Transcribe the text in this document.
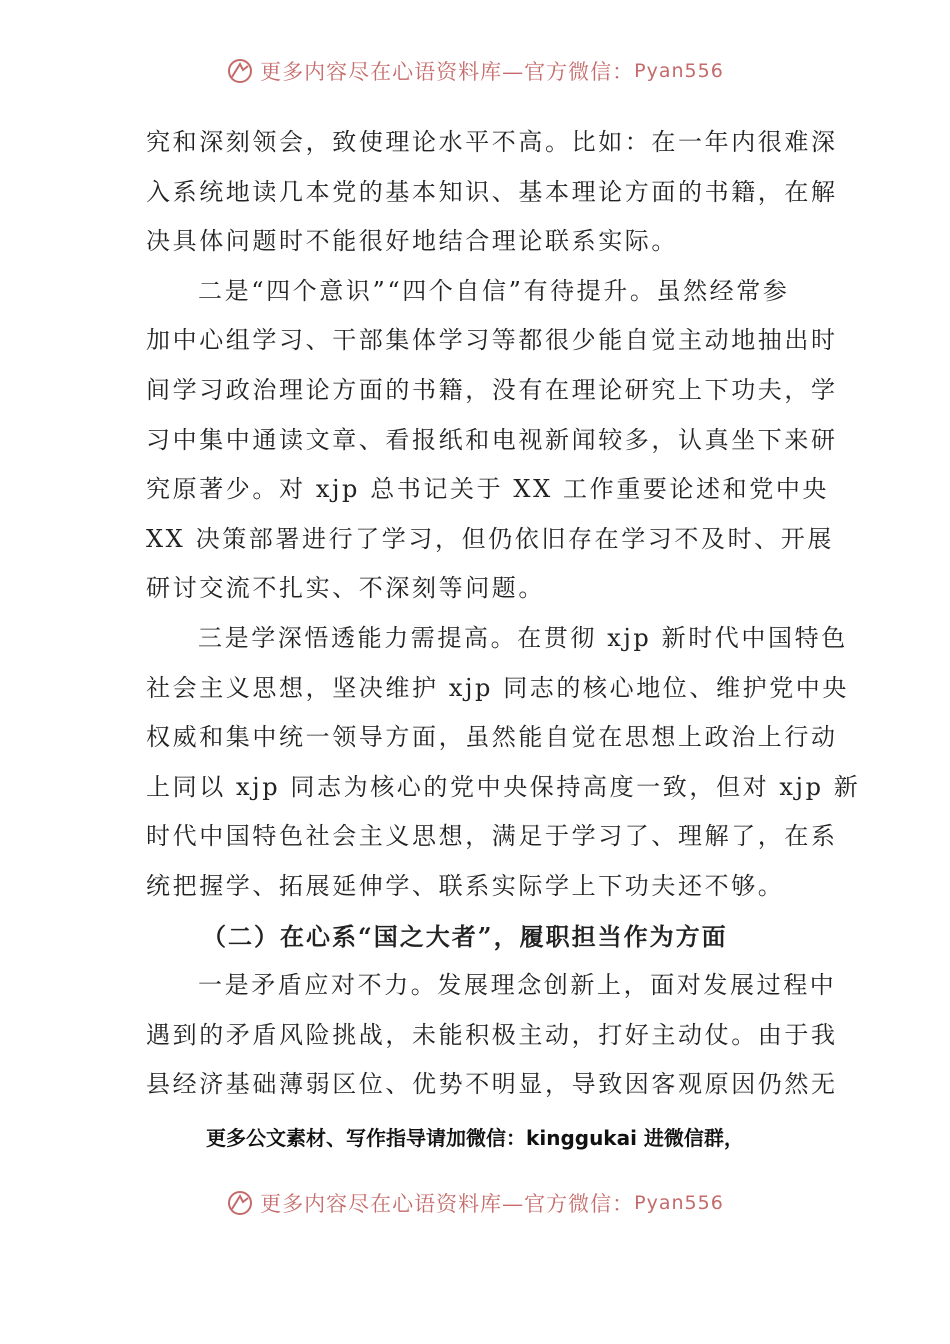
更多内容尽在心语资料库—官方微信： Pyan556
究和深刻领会，致使理论水平不高。比如：在一年内很难深
入系统地读几本党的基本知识、基本理论方面的书籍，在解
决具体问题时不能很好地结合理论联系实际。
二是“四个意识”“四个自信”有待提升。虽然经常参
加中心组学习、干部集体学习等都很少能自觉主动地抽出时
间学习政治理论方面的书籍，没有在理论研究上下功夫，学
习中集中通读文章、看报纸和电视新闻较多，认真坐下来研
究原著少。对 xjp 总书记关于 XX 工作重要论述和党中央
XX 决策部署进行了学习，但仍依旧存在学习不及时、开展
研讨交流不扎实、不深刻等问题。
三是学深悟透能力需提高。在贯彻 xjp 新时代中国特色
社会主义思想，坚决维护 xjp 同志的核心地位、维护党中央
权威和集中统一领导方面，虽然能自觉在思想上政治上行动
上同以 xjp 同志为核心的党中央保持高度一致，但对 xjp 新
时代中国特色社会主义思想，满足于学习了、理解了，在系
统把握学、拓展延伸学、联系实际学上下功夫还不够。
（二）在心系“国之大者”，履职担当作为方面
一是矛盾应对不力。发展理念创新上，面对发展过程中
遇到的矛盾风险挑战，未能积极主动，打好主动仗。由于我
县经济基础薄弱区位、优势不明显，导致因客观原因仍然无
更多公文素材、写作指导请加微信：kinggukai 进微信群，
更多内容尽在心语资料库—官方微信： Pyan556
